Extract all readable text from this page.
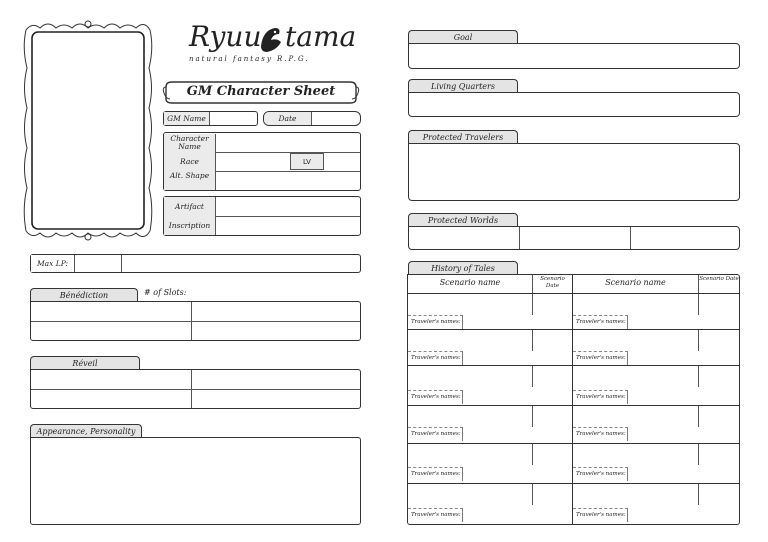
Ryuu tama
natural fantasy R.P.G.
GM Character Sheet
GM Name	Date
Character Name
Race	LV
Alt. Shape
Artifact
Inscription
Max LP:
Bénédiction	# of Slots:
Réveil
Appearance, Personality
Goal
Living Quarters
Protected Travelers
Protected Worlds
History of Tales
Scenario name	Scenario Date	Scenario name	Scenario Date
Traveler's names:	Traveler's names:
Traveler's names:	Traveler's names:
Traveler's names:	Traveler's names:
Traveler's names:	Traveler's names:
Traveler's names:	Traveler's names:
Traveler's names:	Traveler's names:
